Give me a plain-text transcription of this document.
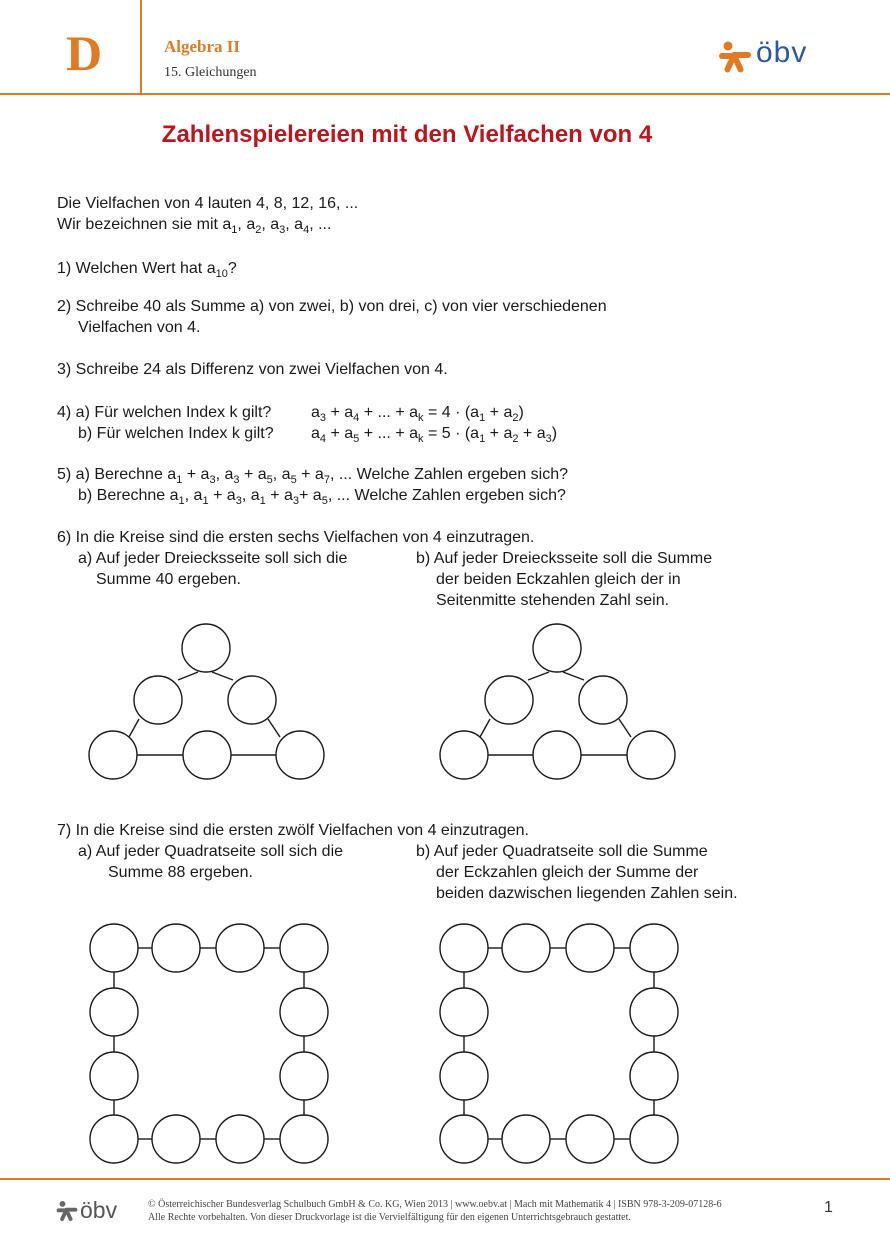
D	Algebra II
15. Gleichungen
öbv
Zahlenspielereien mit den Vielfachen von 4
Die Vielfachen von 4 lauten 4, 8, 12, 16, ...
Wir bezeichnen sie mit $a_1$, $a_2$, $a_3$, $a_4$, ...
1) Welchen Wert hat $a_{10}$?
2) Schreibe 40 als Summe a) von zwei, b) von drei, c) von vier verschiedenen
Vielfachen von 4.
3) Schreibe 24 als Differenz von zwei Vielfachen von 4.
4) a) Für welchen Index k gilt? $a_3 + a_4$ + ... + $a_k = 4 \cdot (a_1 + a_2)$
b) Für welchen Index k gilt? $a_4 + a_5$ + ... + $a_k = 5 \cdot (a_1 + a_2 + a_3)$
5) a) Berechne $a_1 + a_3$, $a_3 + a_5$, $a_5 + a_7$, ... Welche Zahlen ergeben sich?
b) Berechne $a_1$, $a_1 + a_3$, $a_1 + a_3+ a_5$, ... Welche Zahlen ergeben sich?
6) In die Kreise sind die ersten sechs Vielfachen von 4 einzutragen.
a) Auf jeder Dreiecksseite soll sich die
Summe 40 ergeben.
b) Auf jeder Dreiecksseite soll die Summe
der beiden Eckzahlen gleich der in
Seitenmitte stehenden Zahl sein.
7) In die Kreise sind die ersten zwölf Vielfachen von 4 einzutragen.
a) Auf jeder Quadratseite soll sich die
Summe 88 ergeben.
b) Auf jeder Quadratseite soll die Summe
der Eckzahlen gleich der Summe der
beiden dazwischen liegenden Zahlen sein.
öbv	© Österreichischer Bundesverlag Schulbuch GmbH & Co. KG, Wien 2013 | www.oebv.at | Mach mit Mathematik 4 | ISBN 978-3-209-07128-6
Alle Rechte vorbehalten. Von dieser Druckvorlage ist die Vervielfältigung für den eigenen Unterrichtsgebrauch gestattet.
1
